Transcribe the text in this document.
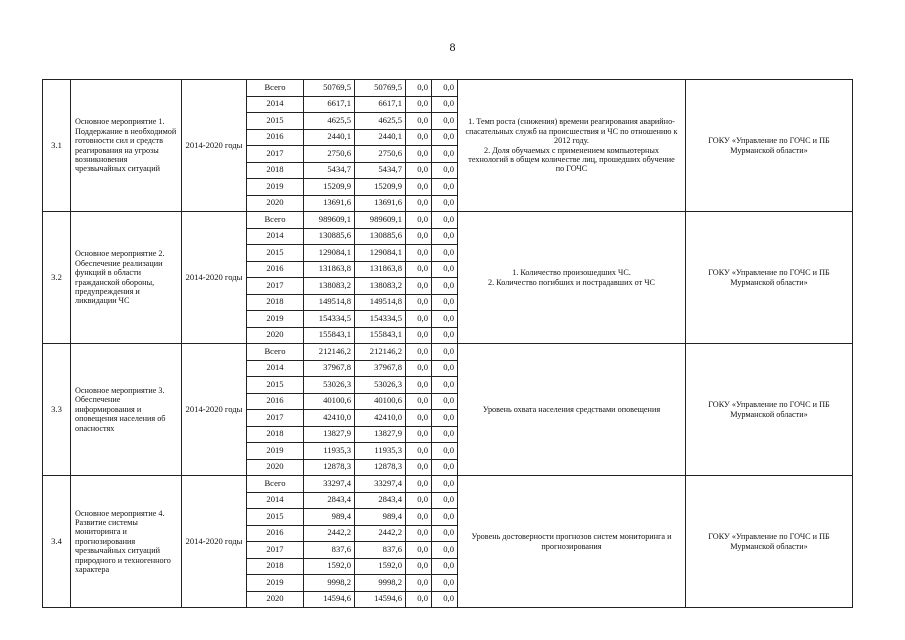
8
3.1	Основное мероприятие 1. Поддержание в необходимой готовности сил и средств реагирования на угрозы возникновения чрезвычайных ситуаций	2014-2020 годы	Всего	50769,5	50769,5	0,0	0,0	1. Темп роста (снижения) времени реагирования аварийно-спасательных служб на происшествия и ЧС по отношению к 2012 году.
2. Доля обучаемых с применением компьютерных технологий в общем количестве лиц, прошедших обучение по ГОЧС	ГОКУ «Управление по ГОЧС и ПБ Мурманской области»
			2014	6617,1	6617,1	0,0	0,0		
			2015	4625,5	4625,5	0,0	0,0		
			2016	2440,1	2440,1	0,0	0,0		
			2017	2750,6	2750,6	0,0	0,0		
			2018	5434,7	5434,7	0,0	0,0		
			2019	15209,9	15209,9	0,0	0,0		
			2020	13691,6	13691,6	0,0	0,0		
3.2	Основное мероприятие 2. Обеспечение реализации функций в области гражданской обороны, предупреждения и ликвидации ЧС	2014-2020 годы	Всего	989609,1	989609,1	0,0	0,0	1. Количество произошедших ЧС.
2. Количество погибших и пострадавших от ЧС	ГОКУ «Управление по ГОЧС и ПБ Мурманской области»
			2014	130885,6	130885,6	0,0	0,0		
			2015	129084,1	129084,1	0,0	0,0		
			2016	131863,8	131863,8	0,0	0,0		
			2017	138083,2	138083,2	0,0	0,0		
			2018	149514,8	149514,8	0,0	0,0		
			2019	154334,5	154334,5	0,0	0,0		
			2020	155843,1	155843,1	0,0	0,0		
3.3	Основное мероприятие 3. Обеспечение информирования и оповещения населения об опасностях	2014-2020 годы	Всего	212146,2	212146,2	0,0	0,0	Уровень охвата населения средствами оповещения	ГОКУ «Управление по ГОЧС и ПБ Мурманской области»
			2014	37967,8	37967,8	0,0	0,0		
			2015	53026,3	53026,3	0,0	0,0		
			2016	40100,6	40100,6	0,0	0,0		
			2017	42410,0	42410,0	0,0	0,0		
			2018	13827,9	13827,9	0,0	0,0		
			2019	11935,3	11935,3	0,0	0,0		
			2020	12878,3	12878,3	0,0	0,0		
3.4	Основное мероприятие 4. Развитие системы мониторинга и прогнозирования чрезвычайных ситуаций природного и техногенного характера	2014-2020 годы	Всего	33297,4	33297,4	0,0	0,0	Уровень достоверности прогнозов систем мониторинга и прогнозирования	ГОКУ «Управление по ГОЧС и ПБ Мурманской области»
			2014	2843,4	2843,4	0,0	0,0		
			2015	989,4	989,4	0,0	0,0		
			2016	2442,2	2442,2	0,0	0,0		
			2017	837,6	837,6	0,0	0,0		
			2018	1592,0	1592,0	0,0	0,0		
			2019	9998,2	9998,2	0,0	0,0		
			2020	14594,6	14594,6	0,0	0,0		
